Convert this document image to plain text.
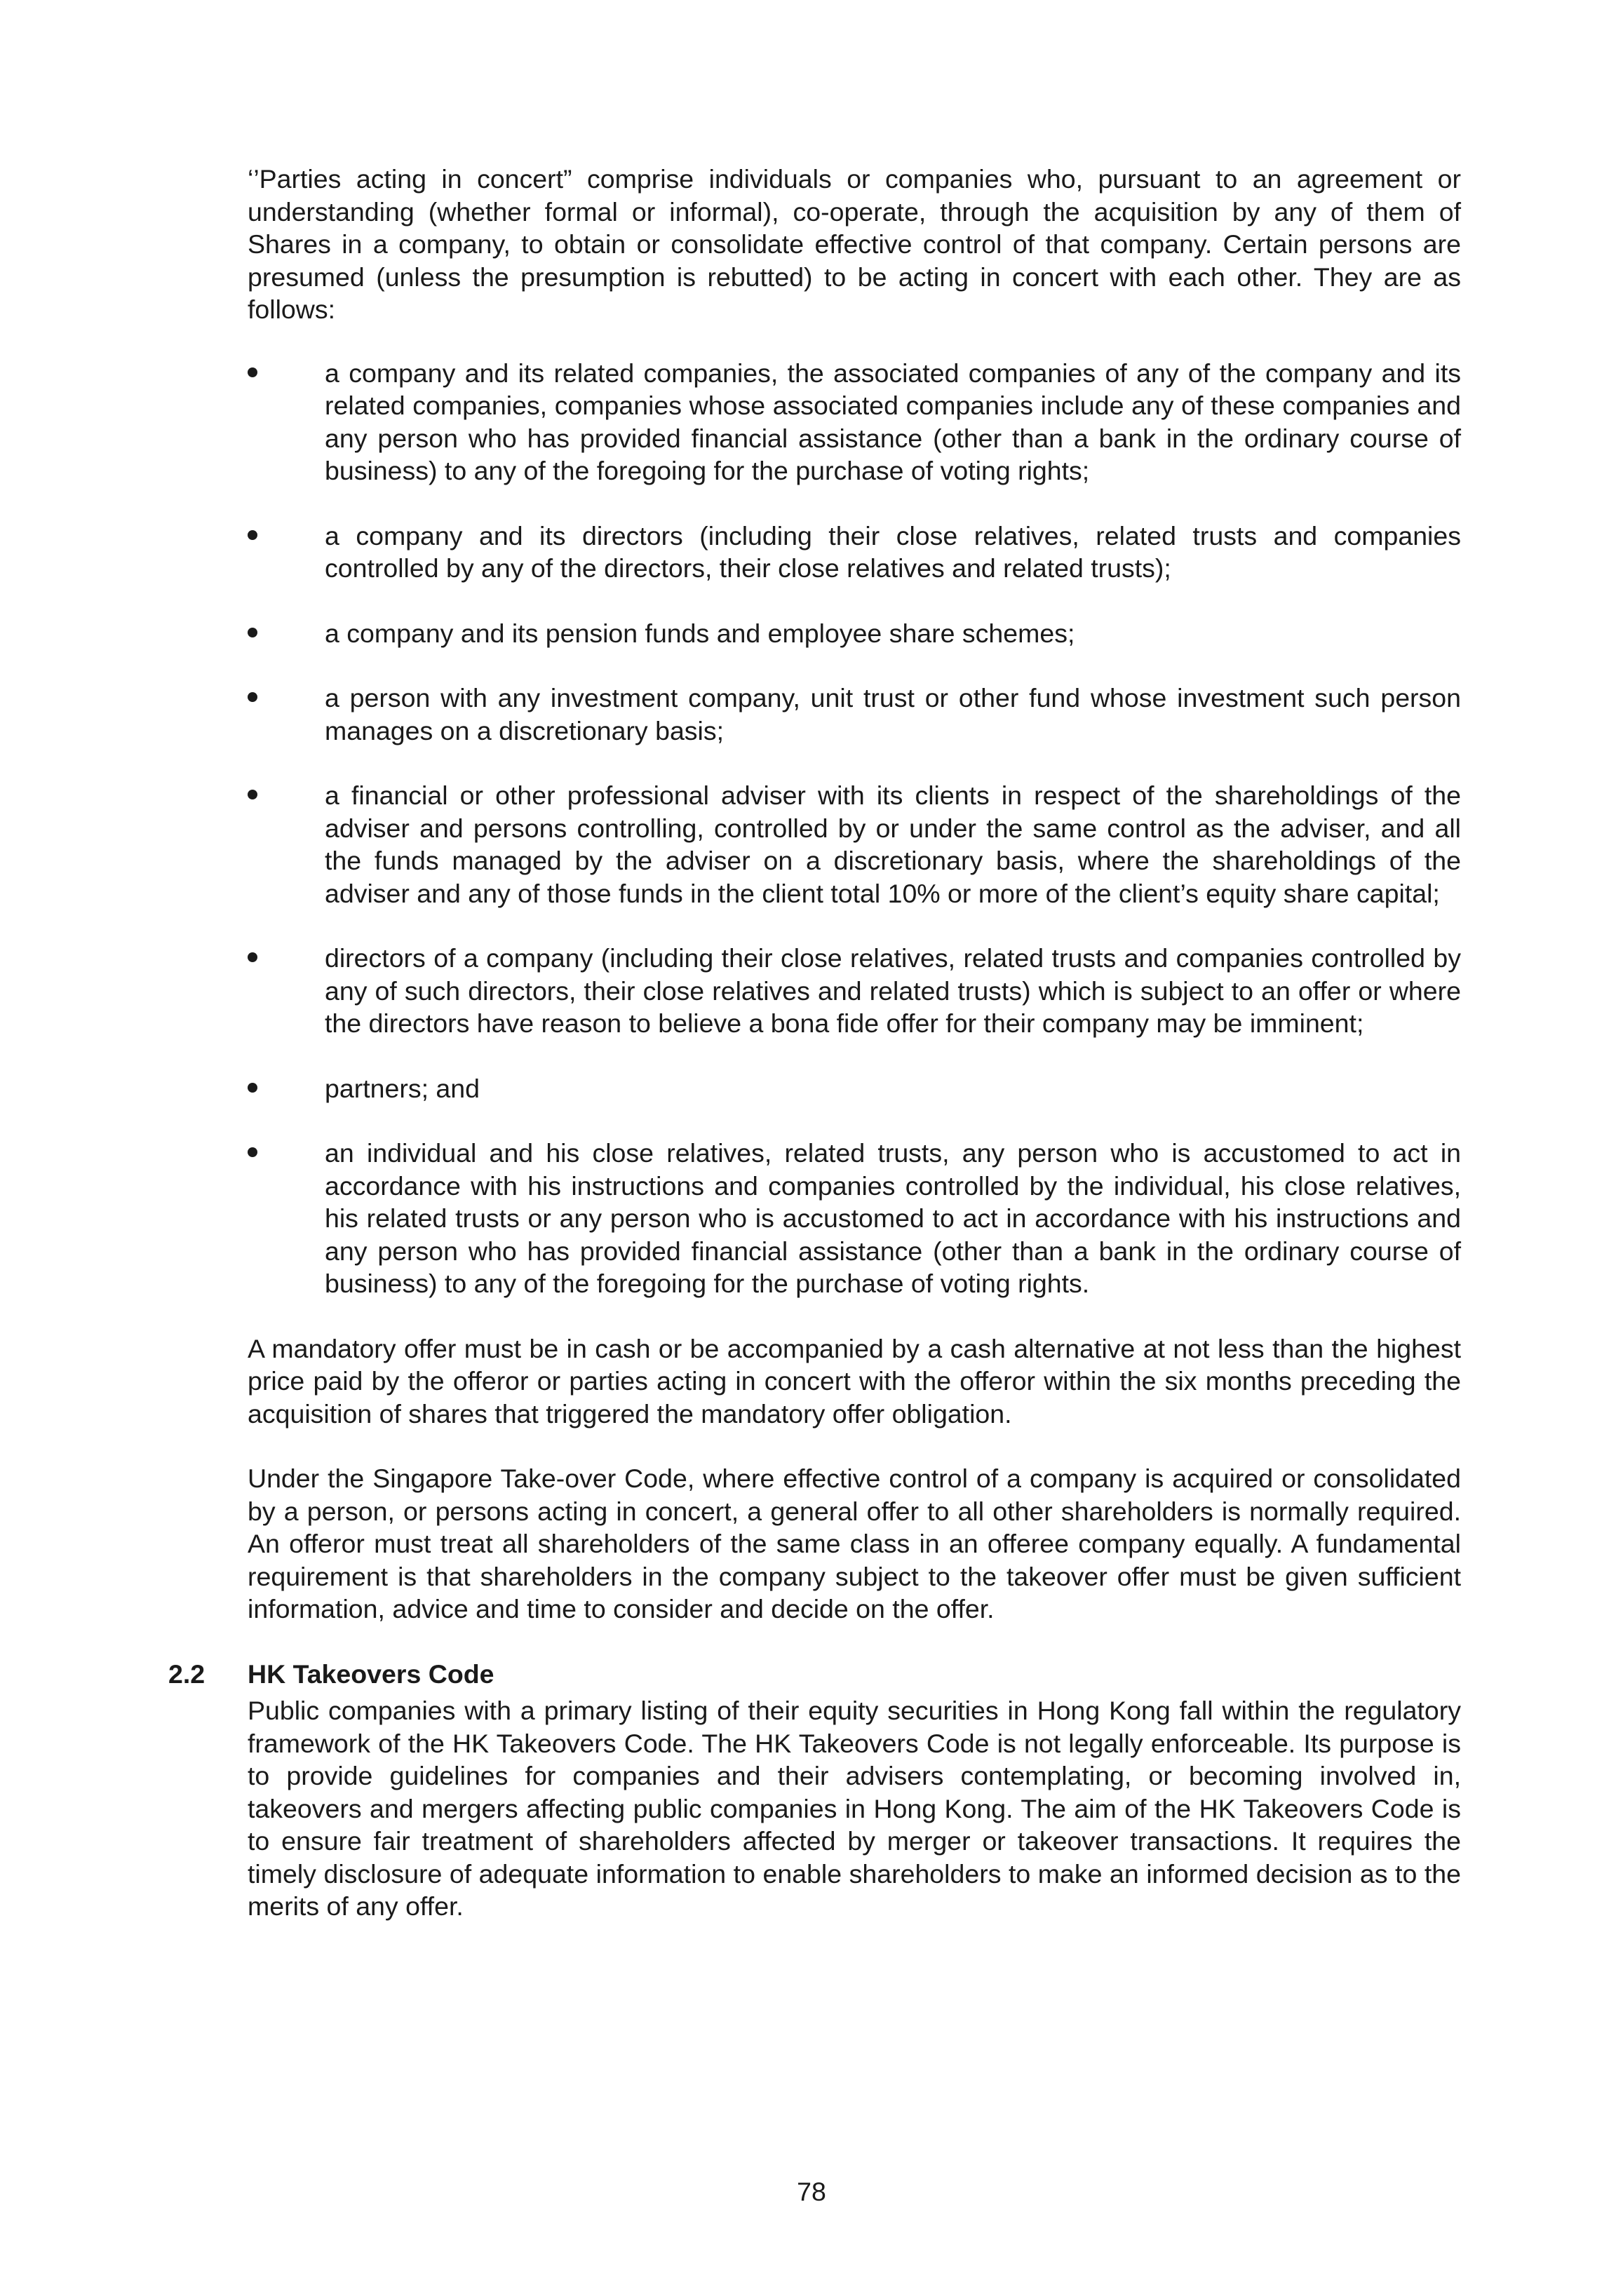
‘’Parties acting in concert” comprise individuals or companies who, pursuant to an agreement or understanding (whether formal or informal), co-operate, through the acquisition by any of them of Shares in a company, to obtain or consolidate effective control of that company. Certain persons are presumed (unless the presumption is rebutted) to be acting in concert with each other. They are as follows:

a company and its related companies, the associated companies of any of the company and its related companies, companies whose associated companies include any of these companies and any person who has provided financial assistance (other than a bank in the ordinary course of business) to any of the foregoing for the purchase of voting rights;

a company and its directors (including their close relatives, related trusts and companies controlled by any of the directors, their close relatives and related trusts);

a company and its pension funds and employee share schemes;

a person with any investment company, unit trust or other fund whose investment such person manages on a discretionary basis;

a financial or other professional adviser with its clients in respect of the shareholdings of the adviser and persons controlling, controlled by or under the same control as the adviser, and all the funds managed by the adviser on a discretionary basis, where the shareholdings of the adviser and any of those funds in the client total 10% or more of the client’s equity share capital;

directors of a company (including their close relatives, related trusts and companies controlled by any of such directors, their close relatives and related trusts) which is subject to an offer or where the directors have reason to believe a bona fide offer for their company may be imminent;

partners; and

an individual and his close relatives, related trusts, any person who is accustomed to act in accordance with his instructions and companies controlled by the individual, his close relatives, his related trusts or any person who is accustomed to act in accordance with his instructions and any person who has provided financial assistance (other than a bank in the ordinary course of business) to any of the foregoing for the purchase of voting rights.

A mandatory offer must be in cash or be accompanied by a cash alternative at not less than the highest price paid by the offeror or parties acting in concert with the offeror within the six months preceding the acquisition of shares that triggered the mandatory offer obligation.

Under the Singapore Take-over Code, where effective control of a company is acquired or consolidated by a person, or persons acting in concert, a general offer to all other shareholders is normally required. An offeror must treat all shareholders of the same class in an offeree company equally. A fundamental requirement is that shareholders in the company subject to the takeover offer must be given sufficient information, advice and time to consider and decide on the offer.

2.2 HK Takeovers Code

Public companies with a primary listing of their equity securities in Hong Kong fall within the regulatory framework of the HK Takeovers Code. The HK Takeovers Code is not legally enforceable. Its purpose is to provide guidelines for companies and their advisers contemplating, or becoming involved in, takeovers and mergers affecting public companies in Hong Kong. The aim of the HK Takeovers Code is to ensure fair treatment of shareholders affected by merger or takeover transactions. It requires the timely disclosure of adequate information to enable shareholders to make an informed decision as to the merits of any offer.

78
